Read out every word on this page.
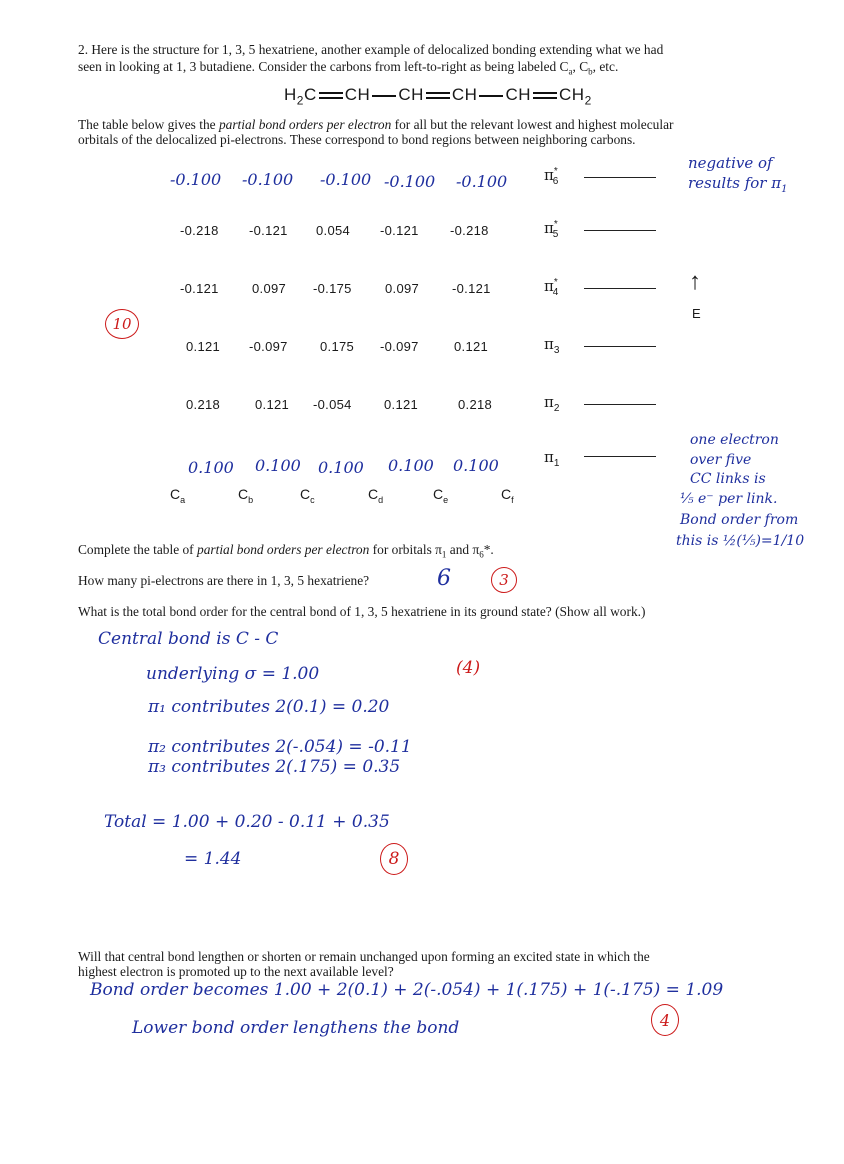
2. Here is the structure for 1, 3, 5 hexatriene, another example of delocalized bonding extending what we had
seen in looking at 1, 3 butadiene. Consider the carbons from left-to-right as being labeled $C_a$, $C_b$, etc.
$H_2C$ CH CH CH CH $CH_2$
The table below gives the partial bond orders per electron for all but the relevant lowest and highest molecular
orbitals of the delocalized pi-electrons. These correspond to bond regions between neighboring carbons.
-0.100 -0.100 -0.100 -0.100 -0.100 $\pi^*_6$
-0.218 -0.121 0.054 -0.121 -0.218	$\pi^*_5$
-0.121	0.097 -0.175	0.097	-0.121	$\pi^*_4$	↑
E
10
0.121 -0.097 0.175 -0.097	0.121	$\pi_3$
0.218	0.121 -0.054 0.121	0.218	$\pi_2$
0.100 0.100 0.100 0.100 0.100	$\pi_1$
$C_a$	$C_b$	$C_c$	$C_d$	$C_e$	$C_f$
negative of
results for $\pi_1$
one electron
over five
CC links is
⅕ e⁻ per link.
Bond order from
this is ½(⅕)=1/10
Complete the table of partial bond orders per electron for orbitals $\pi_1$ and $\pi_6*$.
How many pi-electrons are there in 1, 3, 5 hexatriene?	6	3
What is the total bond order for the central bond of 1, 3, 5 hexatriene in its ground state? (Show all work.)
Central bond is C - C
underlying σ = 1.00	(4)
π₁ contributes 2(0.1) = 0.20
π₂ contributes 2(-.054) = -0.11
π₃ contributes 2(.175) = 0.35
Total = 1.00 + 0.20 - 0.11 + 0.35
= 1.44	8
Will that central bond lengthen or shorten or remain unchanged upon forming an excited state in which the
highest electron is promoted up to the next available level?
Bond order becomes 1.00 + 2(0.1) + 2(-.054) + 1(.175) + 1(-.175) = 1.09
Lower bond order lengthens the bond	4
